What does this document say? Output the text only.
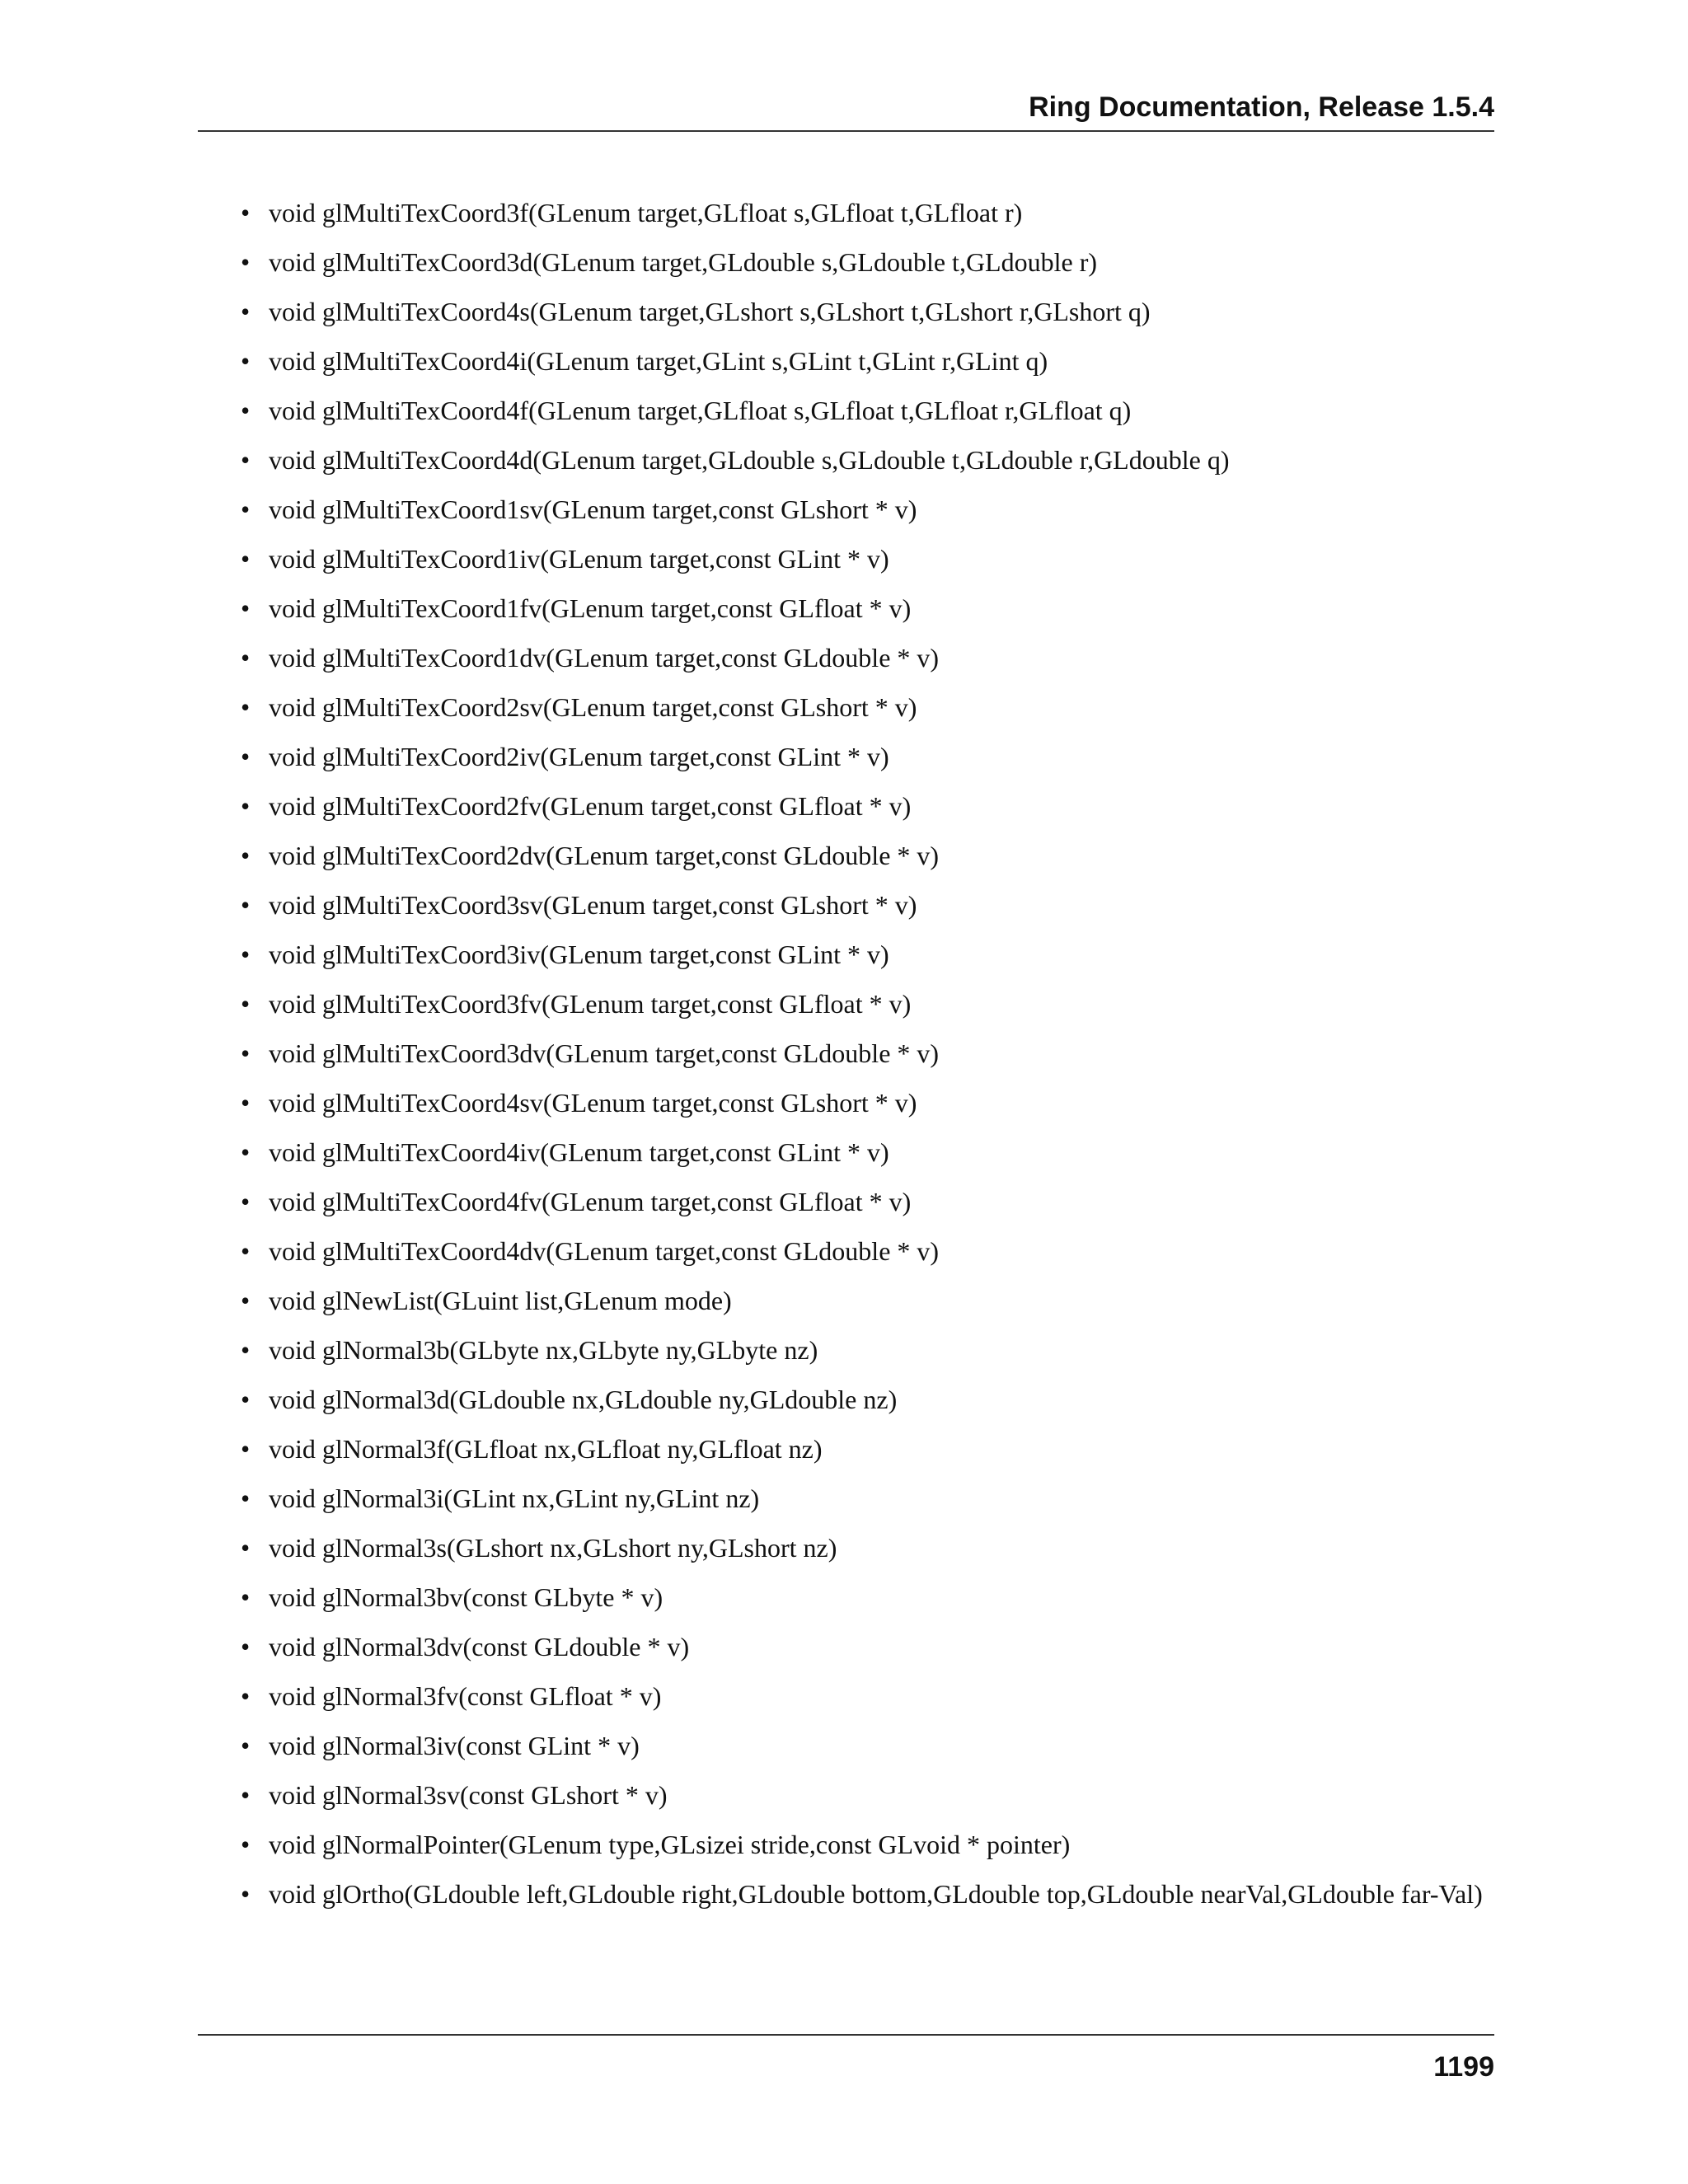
Ring Documentation, Release 1.5.4
• void glMultiTexCoord3f(GLenum target,GLfloat s,GLfloat t,GLfloat r)
• void glMultiTexCoord3d(GLenum target,GLdouble s,GLdouble t,GLdouble r)
• void glMultiTexCoord4s(GLenum target,GLshort s,GLshort t,GLshort r,GLshort q)
• void glMultiTexCoord4i(GLenum target,GLint s,GLint t,GLint r,GLint q)
• void glMultiTexCoord4f(GLenum target,GLfloat s,GLfloat t,GLfloat r,GLfloat q)
• void glMultiTexCoord4d(GLenum target,GLdouble s,GLdouble t,GLdouble r,GLdouble q)
• void glMultiTexCoord1sv(GLenum target,const GLshort * v)
• void glMultiTexCoord1iv(GLenum target,const GLint * v)
• void glMultiTexCoord1fv(GLenum target,const GLfloat * v)
• void glMultiTexCoord1dv(GLenum target,const GLdouble * v)
• void glMultiTexCoord2sv(GLenum target,const GLshort * v)
• void glMultiTexCoord2iv(GLenum target,const GLint * v)
• void glMultiTexCoord2fv(GLenum target,const GLfloat * v)
• void glMultiTexCoord2dv(GLenum target,const GLdouble * v)
• void glMultiTexCoord3sv(GLenum target,const GLshort * v)
• void glMultiTexCoord3iv(GLenum target,const GLint * v)
• void glMultiTexCoord3fv(GLenum target,const GLfloat * v)
• void glMultiTexCoord3dv(GLenum target,const GLdouble * v)
• void glMultiTexCoord4sv(GLenum target,const GLshort * v)
• void glMultiTexCoord4iv(GLenum target,const GLint * v)
• void glMultiTexCoord4fv(GLenum target,const GLfloat * v)
• void glMultiTexCoord4dv(GLenum target,const GLdouble * v)
• void glNewList(GLuint list,GLenum mode)
• void glNormal3b(GLbyte nx,GLbyte ny,GLbyte nz)
• void glNormal3d(GLdouble nx,GLdouble ny,GLdouble nz)
• void glNormal3f(GLfloat nx,GLfloat ny,GLfloat nz)
• void glNormal3i(GLint nx,GLint ny,GLint nz)
• void glNormal3s(GLshort nx,GLshort ny,GLshort nz)
• void glNormal3bv(const GLbyte * v)
• void glNormal3dv(const GLdouble * v)
• void glNormal3fv(const GLfloat * v)
• void glNormal3iv(const GLint * v)
• void glNormal3sv(const GLshort * v)
• void glNormalPointer(GLenum type,GLsizei stride,const GLvoid * pointer)
• void glOrtho(GLdouble left,GLdouble right,GLdouble bottom,GLdouble top,GLdouble nearVal,GLdouble far-Val)
1199
